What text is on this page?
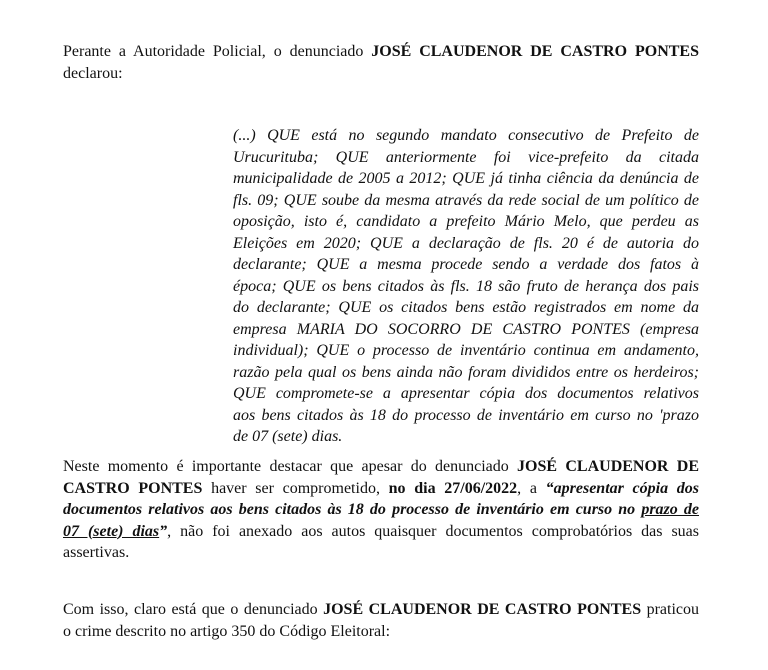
Perante a Autoridade Policial, o denunciado JOSÉ CLAUDENOR DE CASTRO PONTES
declarou:

(...) QUE está no segundo mandato consecutivo de Prefeito de
Urucurituba; QUE anteriormente foi vice-prefeito da citada
municipalidade de 2005 a 2012; QUE já tinha ciência da denúncia de
fls. 09; QUE soube da mesma através da rede social de um político de
oposição, isto é, candidato a prefeito Mário Melo, que perdeu as
Eleições em 2020; QUE a declaração de fls. 20 é de autoria do
declarante; QUE a mesma procede sendo a verdade dos fatos à
época; QUE os bens citados às fls. 18 são fruto de herança dos pais
do declarante; QUE os citados bens estão registrados em nome da
empresa MARIA DO SOCORRO DE CASTRO PONTES (empresa
individual); QUE o processo de inventário continua em andamento,
razão pela qual os bens ainda não foram divididos entre os herdeiros;
QUE compromete-se a apresentar cópia dos documentos relativos
aos bens citados às 18 do processo de inventário em curso no 'prazo
de 07 (sete) dias.

Neste momento é importante destacar que apesar do denunciado JOSÉ CLAUDENOR DE
CASTRO PONTES haver ser comprometido, no dia 27/06/2022, a “apresentar cópia dos
documentos relativos aos bens citados às 18 do processo de inventário em curso no prazo de
07 (sete) dias”, não foi anexado aos autos quaisquer documentos comprobatórios das suas
assertivas.

Com isso, claro está que o denunciado JOSÉ CLAUDENOR DE CASTRO PONTES praticou
o crime descrito no artigo 350 do Código Eleitoral:
